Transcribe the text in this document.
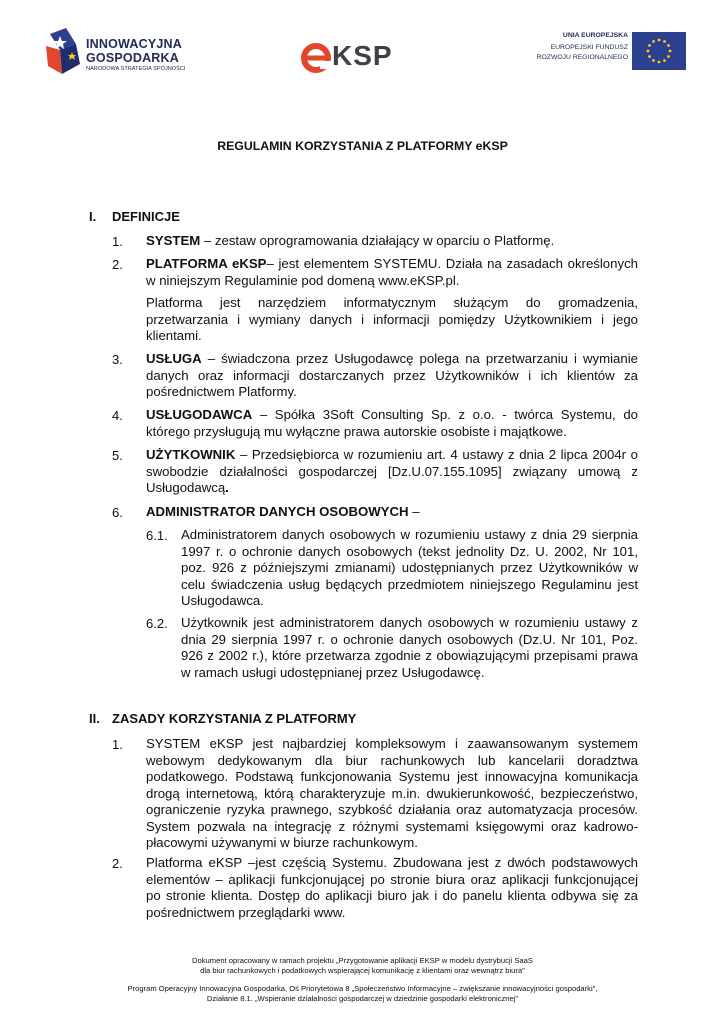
INNOWACYJNA
GOSPODARKA
NARODOWA STRATEGIA SPÓJNOŚCI	KSP
UNIA EUROPEJSKA
EUROPEJSKI FUNDUSZ
ROZWOJU REGIONALNEGO
REGULAMIN KORZYSTANIA Z PLATFORMY eKSP
I. DEFINICJE
1. SYSTEM – zestaw oprogramowania działający w oparciu o Platformę.
2. PLATFORMA eKSP– jest elementem SYSTEMU. Działa na zasadach określonych w niniejszym Regulaminie pod domeną www.eKSP.pl.
Platforma jest narzędziem informatycznym służącym do gromadzenia, przetwarzania i wymiany danych i informacji pomiędzy Użytkownikiem i jego klientami.
3. USŁUGA – świadczona przez Usługodawcę polega na przetwarzaniu i wymianie danych oraz informacji dostarczanych przez Użytkowników i ich klientów za pośrednictwem Platformy.
4. USŁUGODAWCA – Spółka 3Soft Consulting Sp. z o.o. - twórca Systemu, do którego przysługują mu wyłączne prawa autorskie osobiste i majątkowe.
5. UŻYTKOWNIK – Przedsiębiorca w rozumieniu art. 4 ustawy z dnia 2 lipca 2004r o swobodzie działalności gospodarczej [Dz.U.07.155.1095] związany umową z Usługodawcą.
6. ADMINISTRATOR DANYCH OSOBOWYCH –
6.1. Administratorem danych osobowych w rozumieniu ustawy z dnia 29 sierpnia 1997 r. o ochronie danych osobowych (tekst jednolity Dz. U. 2002, Nr 101, poz. 926 z późniejszymi zmianami) udostępnianych przez Użytkowników w celu świadczenia usług będących przedmiotem niniejszego Regulaminu jest Usługodawca.
6.2. Użytkownik jest administratorem danych osobowych w rozumieniu ustawy z dnia 29 sierpnia 1997 r. o ochronie danych osobowych (Dz.U. Nr 101, Poz. 926 z 2002 r.), które przetwarza zgodnie z obowiązującymi przepisami prawa w ramach usługi udostępnianej przez Usługodawcę.
II. ZASADY KORZYSTANIA Z PLATFORMY
1. SYSTEM eKSP jest najbardziej kompleksowym i zaawansowanym systemem webowym dedykowanym dla biur rachunkowych lub kancelarii doradztwa podatkowego. Podstawą funkcjonowania Systemu jest innowacyjna komunikacja drogą internetową, którą charakteryzuje m.in. dwukierunkowość, bezpieczeństwo, ograniczenie ryzyka prawnego, szybkość działania oraz automatyzacja procesów. System pozwala na integrację z różnymi systemami księgowymi oraz kadrowo-płacowymi używanymi w biurze rachunkowym.
2. Platforma eKSP –jest częścią Systemu. Zbudowana jest z dwóch podstawowych elementów – aplikacji funkcjonującej po stronie biura oraz aplikacji funkcjonującej po stronie klienta. Dostęp do aplikacji biuro jak i do panelu klienta odbywa się za pośrednictwem przeglądarki www.
Dokument opracowany w ramach projektu „Przygotowanie aplikacji EKSP w modelu dystrybucji SaaS
dla biur rachunkowych i podatkowych wspierającej komunikację z klientami oraz wewnątrz biura"
Program Operacyjny Innowacyjna Gospodarka, Oś Priorytetowa 8 „Społeczeństwo Informacyjne – zwiększanie innowacyjności gospodarki",
Działanie 8.1. „Wspieranie działalności gospodarczej w dziedzinie gospodarki elektronicznej"
